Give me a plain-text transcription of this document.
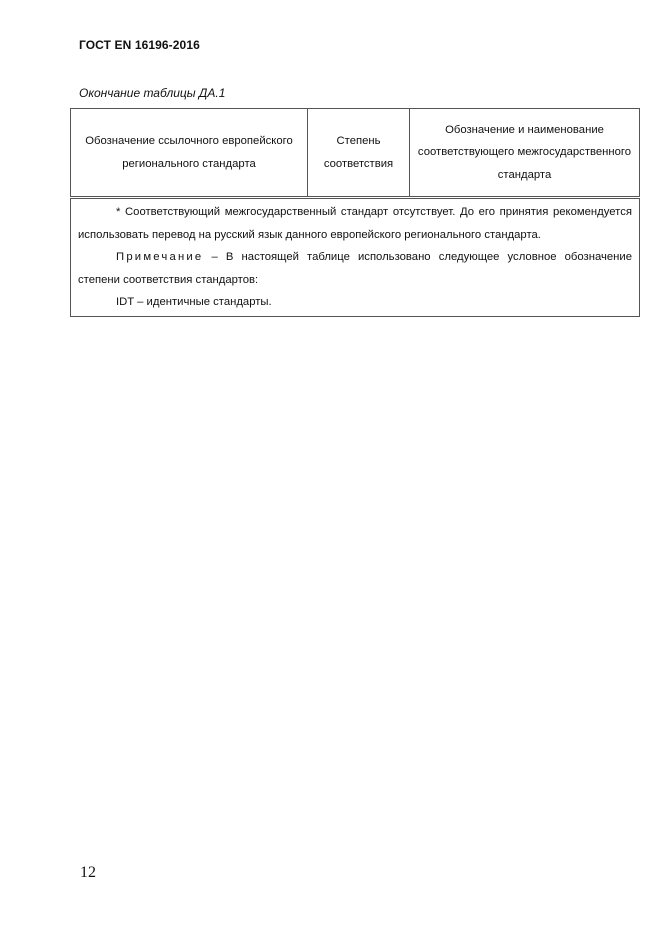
ГОСТ EN 16196-2016
Окончание таблицы ДА.1
Обозначение ссылочного европейского регионального стандарта	Степень соответствия	Обозначение и наименование соответствующего межгосударственного стандарта

* Соответствующий межгосударственный стандарт отсутствует. До его принятия рекомендуется использовать перевод на русский язык данного европейского регионального стандарта.

Примечание – В настоящей таблице использовано следующее условное обозначение степени соответствия стандартов:

IDT – идентичные стандарты.

12
